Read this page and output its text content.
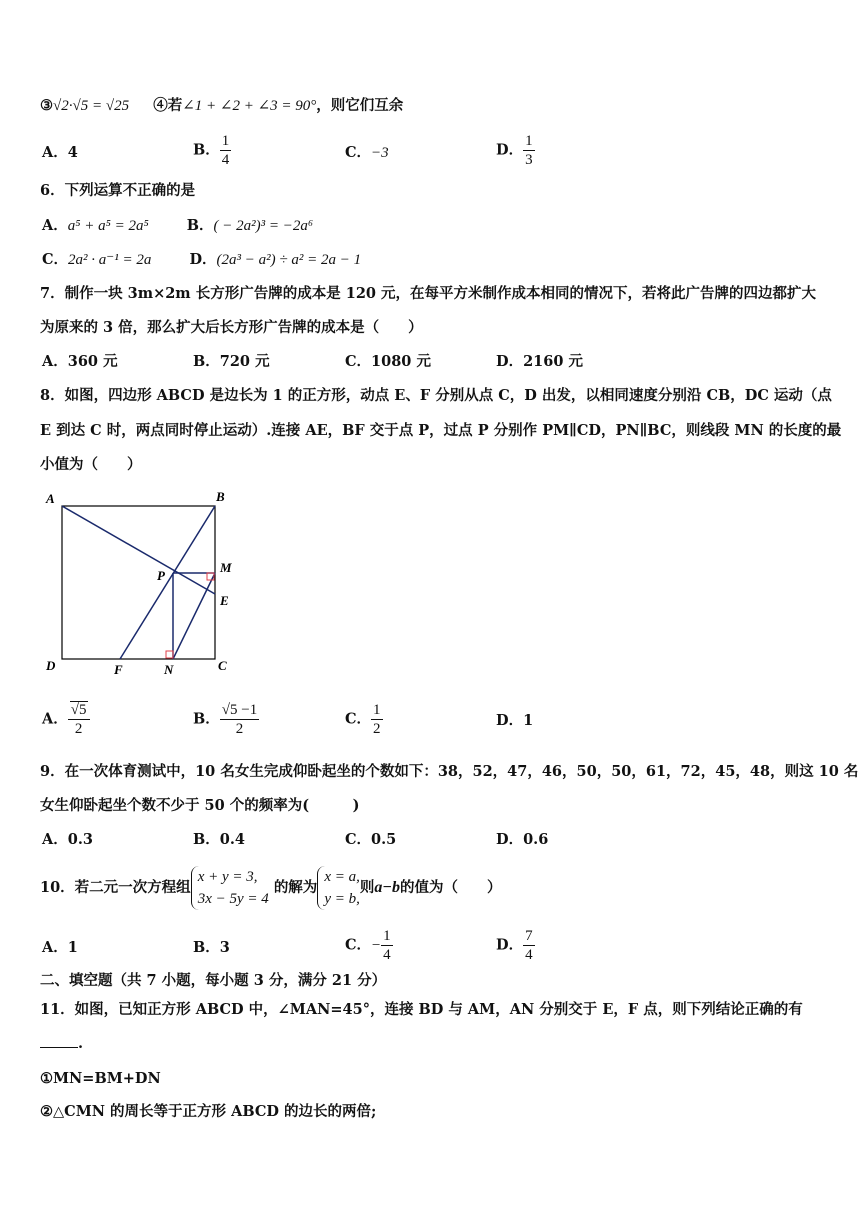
③√2·√5 = √25 ④若∠1 + ∠2 + ∠3 = 90°，则它们互余
A．4	B． $\frac{1}{4}$	C．−3	D． $\frac{1}{3}$
6．下列运算不正确的是
A．a⁵ + a⁵ = 2a⁵	B．( − 2a²)³ = −2a⁶
C．2a² · a⁻¹ = 2a	D．(2a³ − a²) ÷ a² = 2a − 1
7．制作一块 3m×2m 长方形广告牌的成本是 120 元，在每平方米制作成本相同的情况下，若将此广告牌的四边都扩大
为原来的 3 倍，那么扩大后长方形广告牌的成本是（　　）
A．360 元	B．720 元	C．1080 元	D．2160 元
8．如图，四边形 ABCD 是边长为 1 的正方形，动点 E、F 分别从点 C，D 出发，以相同速度分别沿 CB，DC 运动（点
E 到达 C 时，两点同时停止运动）.连接 AE，BF 交于点 P，过点 P 分别作 PM∥CD，PN∥BC，则线段 MN 的长度的最
小值为（　　）
A	B
C
D
E
F
M
N
P
A． $\frac{√5}{2}$	B． $\frac{√5 -1}{2}$	C． $\frac{1}{2}$	D．1
9．在一次体育测试中，10 名女生完成仰卧起坐的个数如下：38，52，47，46，50，50，61，72，45，48，则这 10 名
女生仰卧起坐个数不少于 50 个的频率为(　　　)
A．0.3	B．0.4	C．0.5	D．0.6
10．若二元一次方程组x + y = 3,
3x − 5y = 4 的解为x = a,
y = b,则a−b的值为（　　）
A．1	B．3	C．− $\frac{1}{4}$	D． $\frac{7}{4}$
二、填空题（共 7 小题，每小题 3 分，满分 21 分）
11．如图，已知正方形 ABCD 中，∠MAN=45°，连接 BD 与 AM，AN 分别交于 E，F 点，则下列结论正确的有
.
①MN=BM+DN
②△CMN 的周长等于正方形 ABCD 的边长的两倍;
